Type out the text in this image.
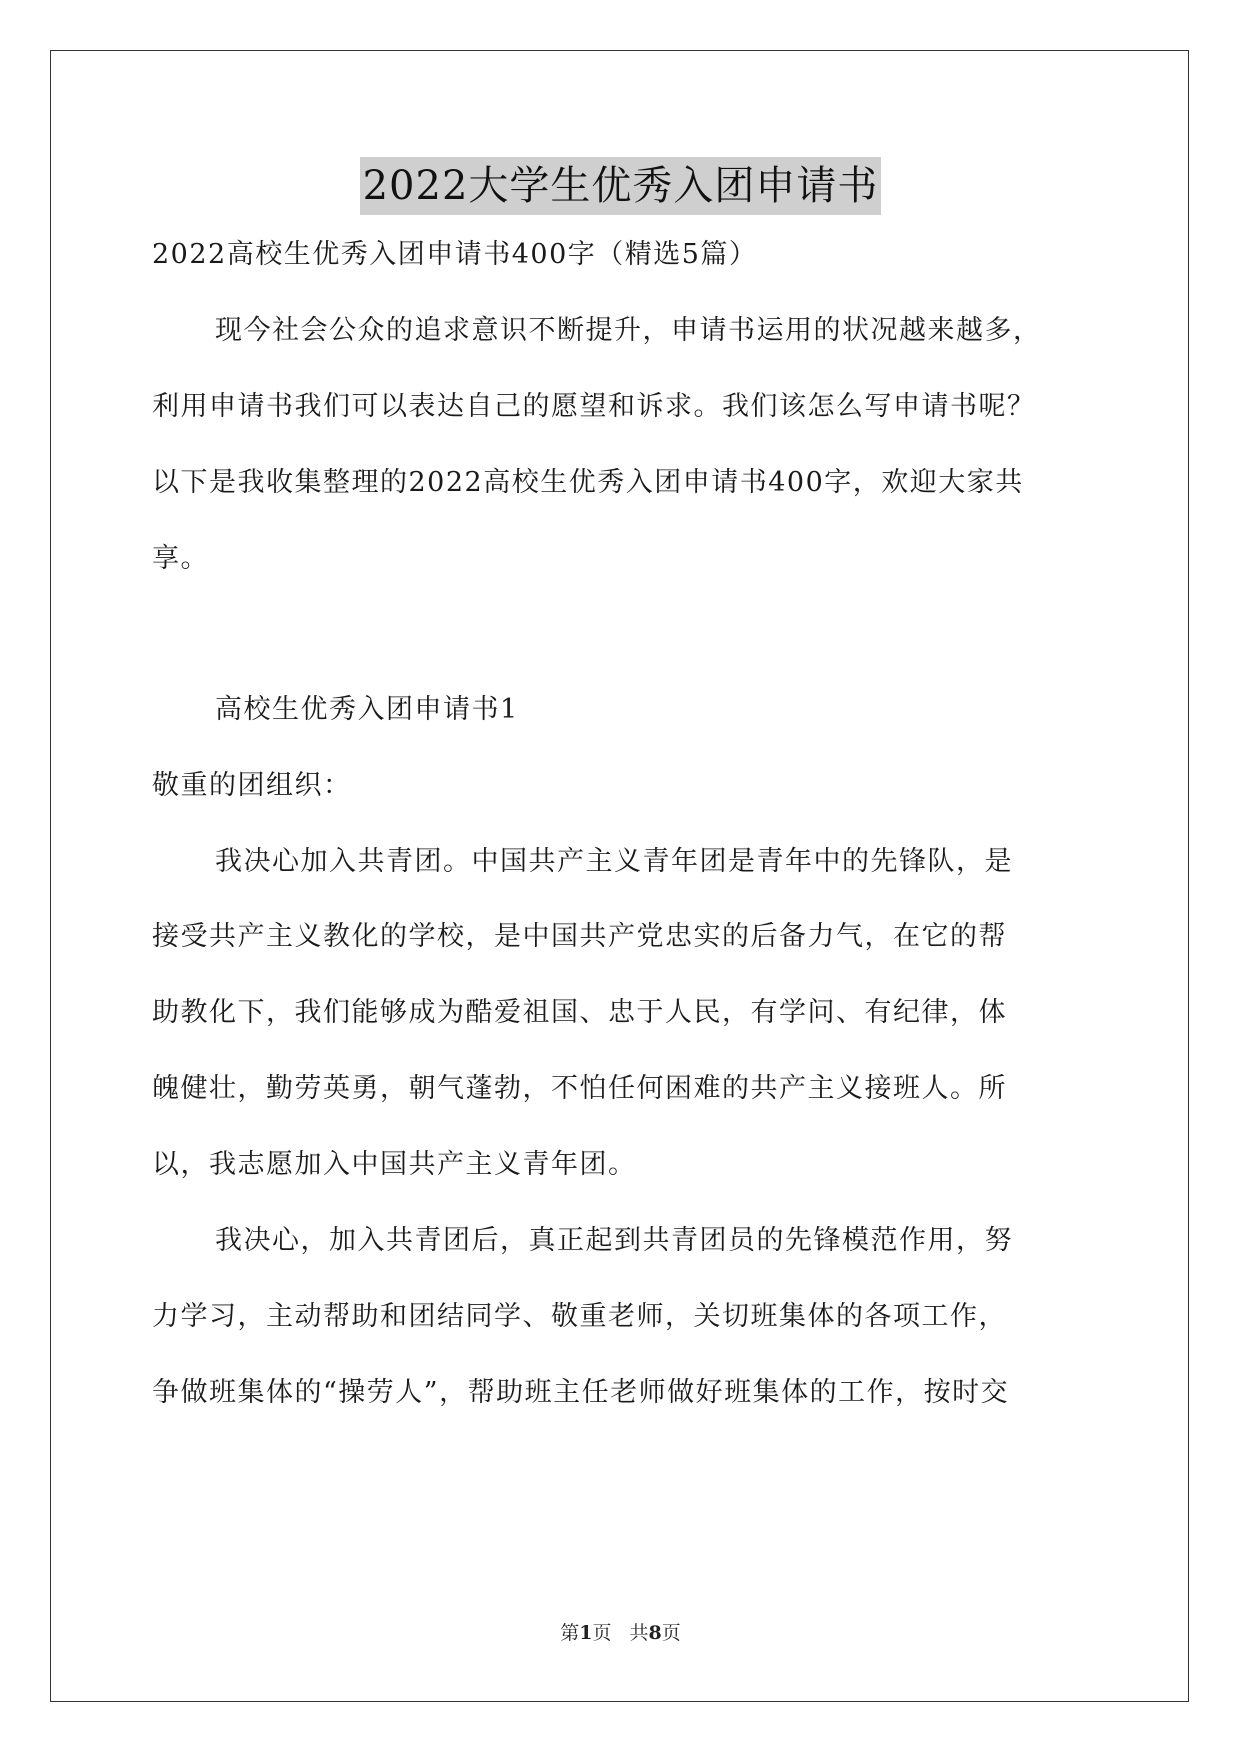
2022大学生优秀入团申请书
2022高校生优秀入团申请书400字（精选5篇）
现今社会公众的追求意识不断提升，申请书运用的状况越来越多，
利用申请书我们可以表达自己的愿望和诉求。我们该怎么写申请书呢？
以下是我收集整理的2022高校生优秀入团申请书400字，欢迎大家共
享。
高校生优秀入团申请书1
敬重的团组织：
我决心加入共青团。中国共产主义青年团是青年中的先锋队，是
接受共产主义教化的学校，是中国共产党忠实的后备力气，在它的帮
助教化下，我们能够成为酷爱祖国、忠于人民，有学问、有纪律，体
魄健壮，勤劳英勇，朝气蓬勃，不怕任何困难的共产主义接班人。所
以，我志愿加入中国共产主义青年团。
我决心，加入共青团后，真正起到共青团员的先锋模范作用，努
力学习，主动帮助和团结同学、敬重老师，关切班集体的各项工作，
争做班集体的“操劳人”，帮助班主任老师做好班集体的工作，按时交
第1页 共8页
